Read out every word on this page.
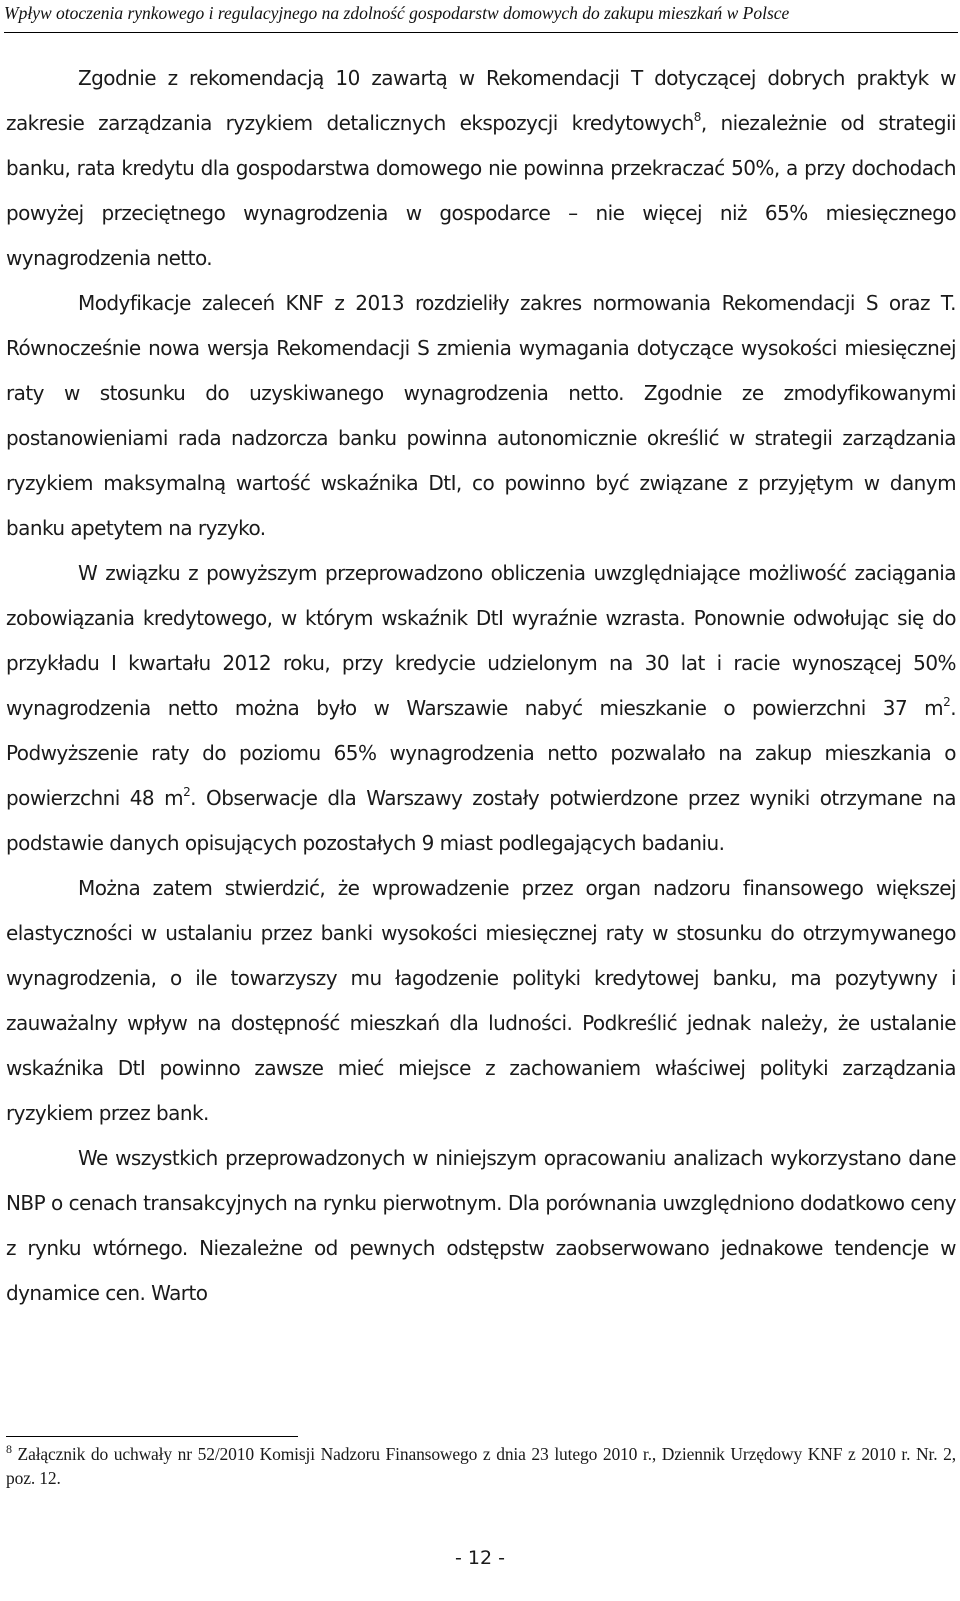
Wpływ otoczenia rynkowego i regulacyjnego na zdolność gospodarstw domowych do zakupu mieszkań w Polsce

Zgodnie z rekomendacją 10 zawartą w Rekomendacji T dotyczącej dobrych praktyk w zakresie zarządzania ryzykiem detalicznych ekspozycji kredytowych$^8$, niezależnie od strategii banku, rata kredytu dla gospodarstwa domowego nie powinna przekraczać 50%, a przy dochodach powyżej przeciętnego wynagrodzenia w gospodarce – nie więcej niż 65% miesięcznego wynagrodzenia netto.

Modyfikacje zaleceń KNF z 2013 rozdzieliły zakres normowania Rekomendacji S oraz T. Równocześnie nowa wersja Rekomendacji S zmienia wymagania dotyczące wysokości miesięcznej raty w stosunku do uzyskiwanego wynagrodzenia netto. Zgodnie ze zmodyfikowanymi postanowieniami rada nadzorcza banku powinna autonomicznie określić w strategii zarządzania ryzykiem maksymalną wartość wskaźnika DtI, co powinno być związane z przyjętym w danym banku apetytem na ryzyko.

W związku z powyższym przeprowadzono obliczenia uwzględniające możliwość zaciągania zobowiązania kredytowego, w którym wskaźnik DtI wyraźnie wzrasta. Ponownie odwołując się do przykładu I kwartału 2012 roku, przy kredycie udzielonym na 30 lat i racie wynoszącej 50% wynagrodzenia netto można było w Warszawie nabyć mieszkanie o powierzchni 37 $m^2$. Podwyższenie raty do poziomu 65% wynagrodzenia netto pozwalało na zakup mieszkania o powierzchni 48 $m^2$. Obserwacje dla Warszawy zostały potwierdzone przez wyniki otrzymane na podstawie danych opisujących pozostałych 9 miast podlegających badaniu.

Można zatem stwierdzić, że wprowadzenie przez organ nadzoru finansowego większej elastyczności w ustalaniu przez banki wysokości miesięcznej raty w stosunku do otrzymywanego wynagrodzenia, o ile towarzyszy mu łagodzenie polityki kredytowej banku, ma pozytywny i zauważalny wpływ na dostępność mieszkań dla ludności. Podkreślić jednak należy, że ustalanie wskaźnika DtI powinno zawsze mieć miejsce z zachowaniem właściwej polityki zarządzania ryzykiem przez bank.

We wszystkich przeprowadzonych w niniejszym opracowaniu analizach wykorzystano dane NBP o cenach transakcyjnych na rynku pierwotnym. Dla porównania uwzględniono dodatkowo ceny z rynku wtórnego. Niezależne od pewnych odstępstw zaobserwowano jednakowe tendencje w dynamice cen. Warto

$^8$ Załącznik do uchwały nr 52/2010 Komisji Nadzoru Finansowego z dnia 23 lutego 2010 r., Dziennik Urzędowy KNF z 2010 r. Nr. 2, poz. 12.
- 12 -
